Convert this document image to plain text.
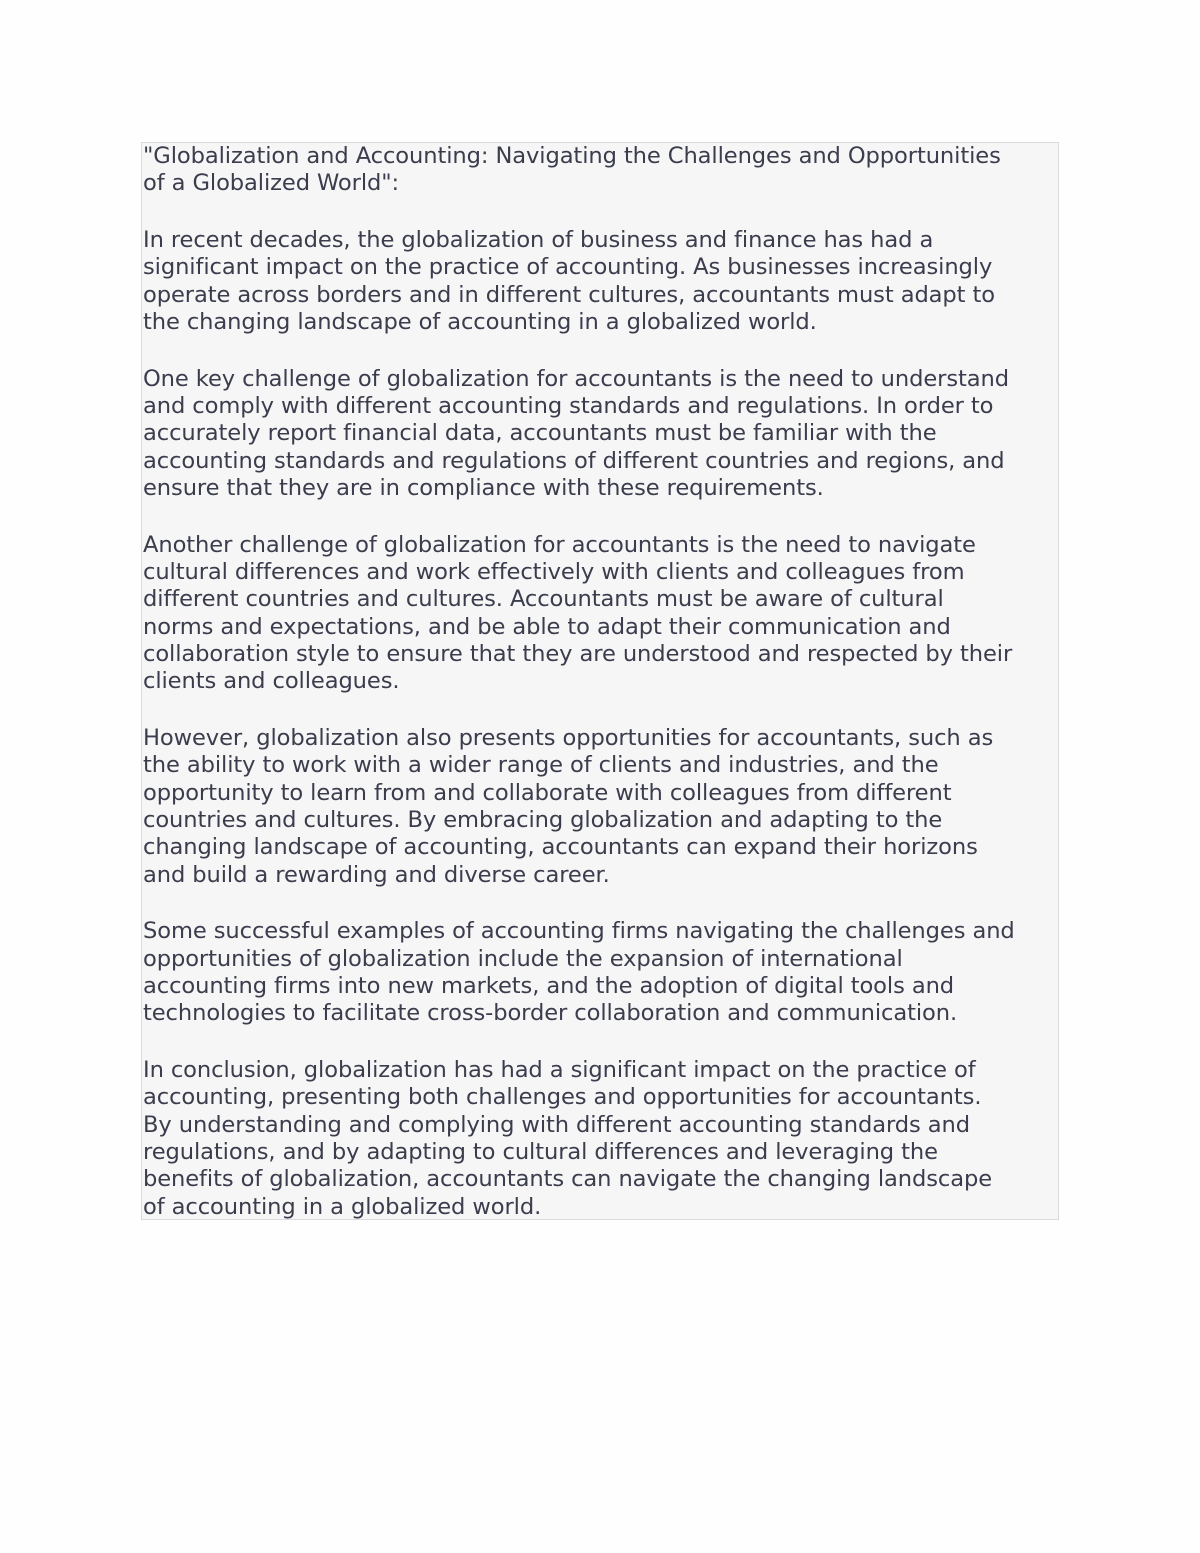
"Globalization and Accounting: Navigating the Challenges and Opportunities
of a Globalized World":
In recent decades, the globalization of business and finance has had a
significant impact on the practice of accounting. As businesses increasingly
operate across borders and in different cultures, accountants must adapt to
the changing landscape of accounting in a globalized world.
One key challenge of globalization for accountants is the need to understand
and comply with different accounting standards and regulations. In order to
accurately report financial data, accountants must be familiar with the
accounting standards and regulations of different countries and regions, and
ensure that they are in compliance with these requirements.
Another challenge of globalization for accountants is the need to navigate
cultural differences and work effectively with clients and colleagues from
different countries and cultures. Accountants must be aware of cultural
norms and expectations, and be able to adapt their communication and
collaboration style to ensure that they are understood and respected by their
clients and colleagues.
However, globalization also presents opportunities for accountants, such as
the ability to work with a wider range of clients and industries, and the
opportunity to learn from and collaborate with colleagues from different
countries and cultures. By embracing globalization and adapting to the
changing landscape of accounting, accountants can expand their horizons
and build a rewarding and diverse career.
Some successful examples of accounting firms navigating the challenges and
opportunities of globalization include the expansion of international
accounting firms into new markets, and the adoption of digital tools and
technologies to facilitate cross-border collaboration and communication.
In conclusion, globalization has had a significant impact on the practice of
accounting, presenting both challenges and opportunities for accountants.
By understanding and complying with different accounting standards and
regulations, and by adapting to cultural differences and leveraging the
benefits of globalization, accountants can navigate the changing landscape
of accounting in a globalized world.
